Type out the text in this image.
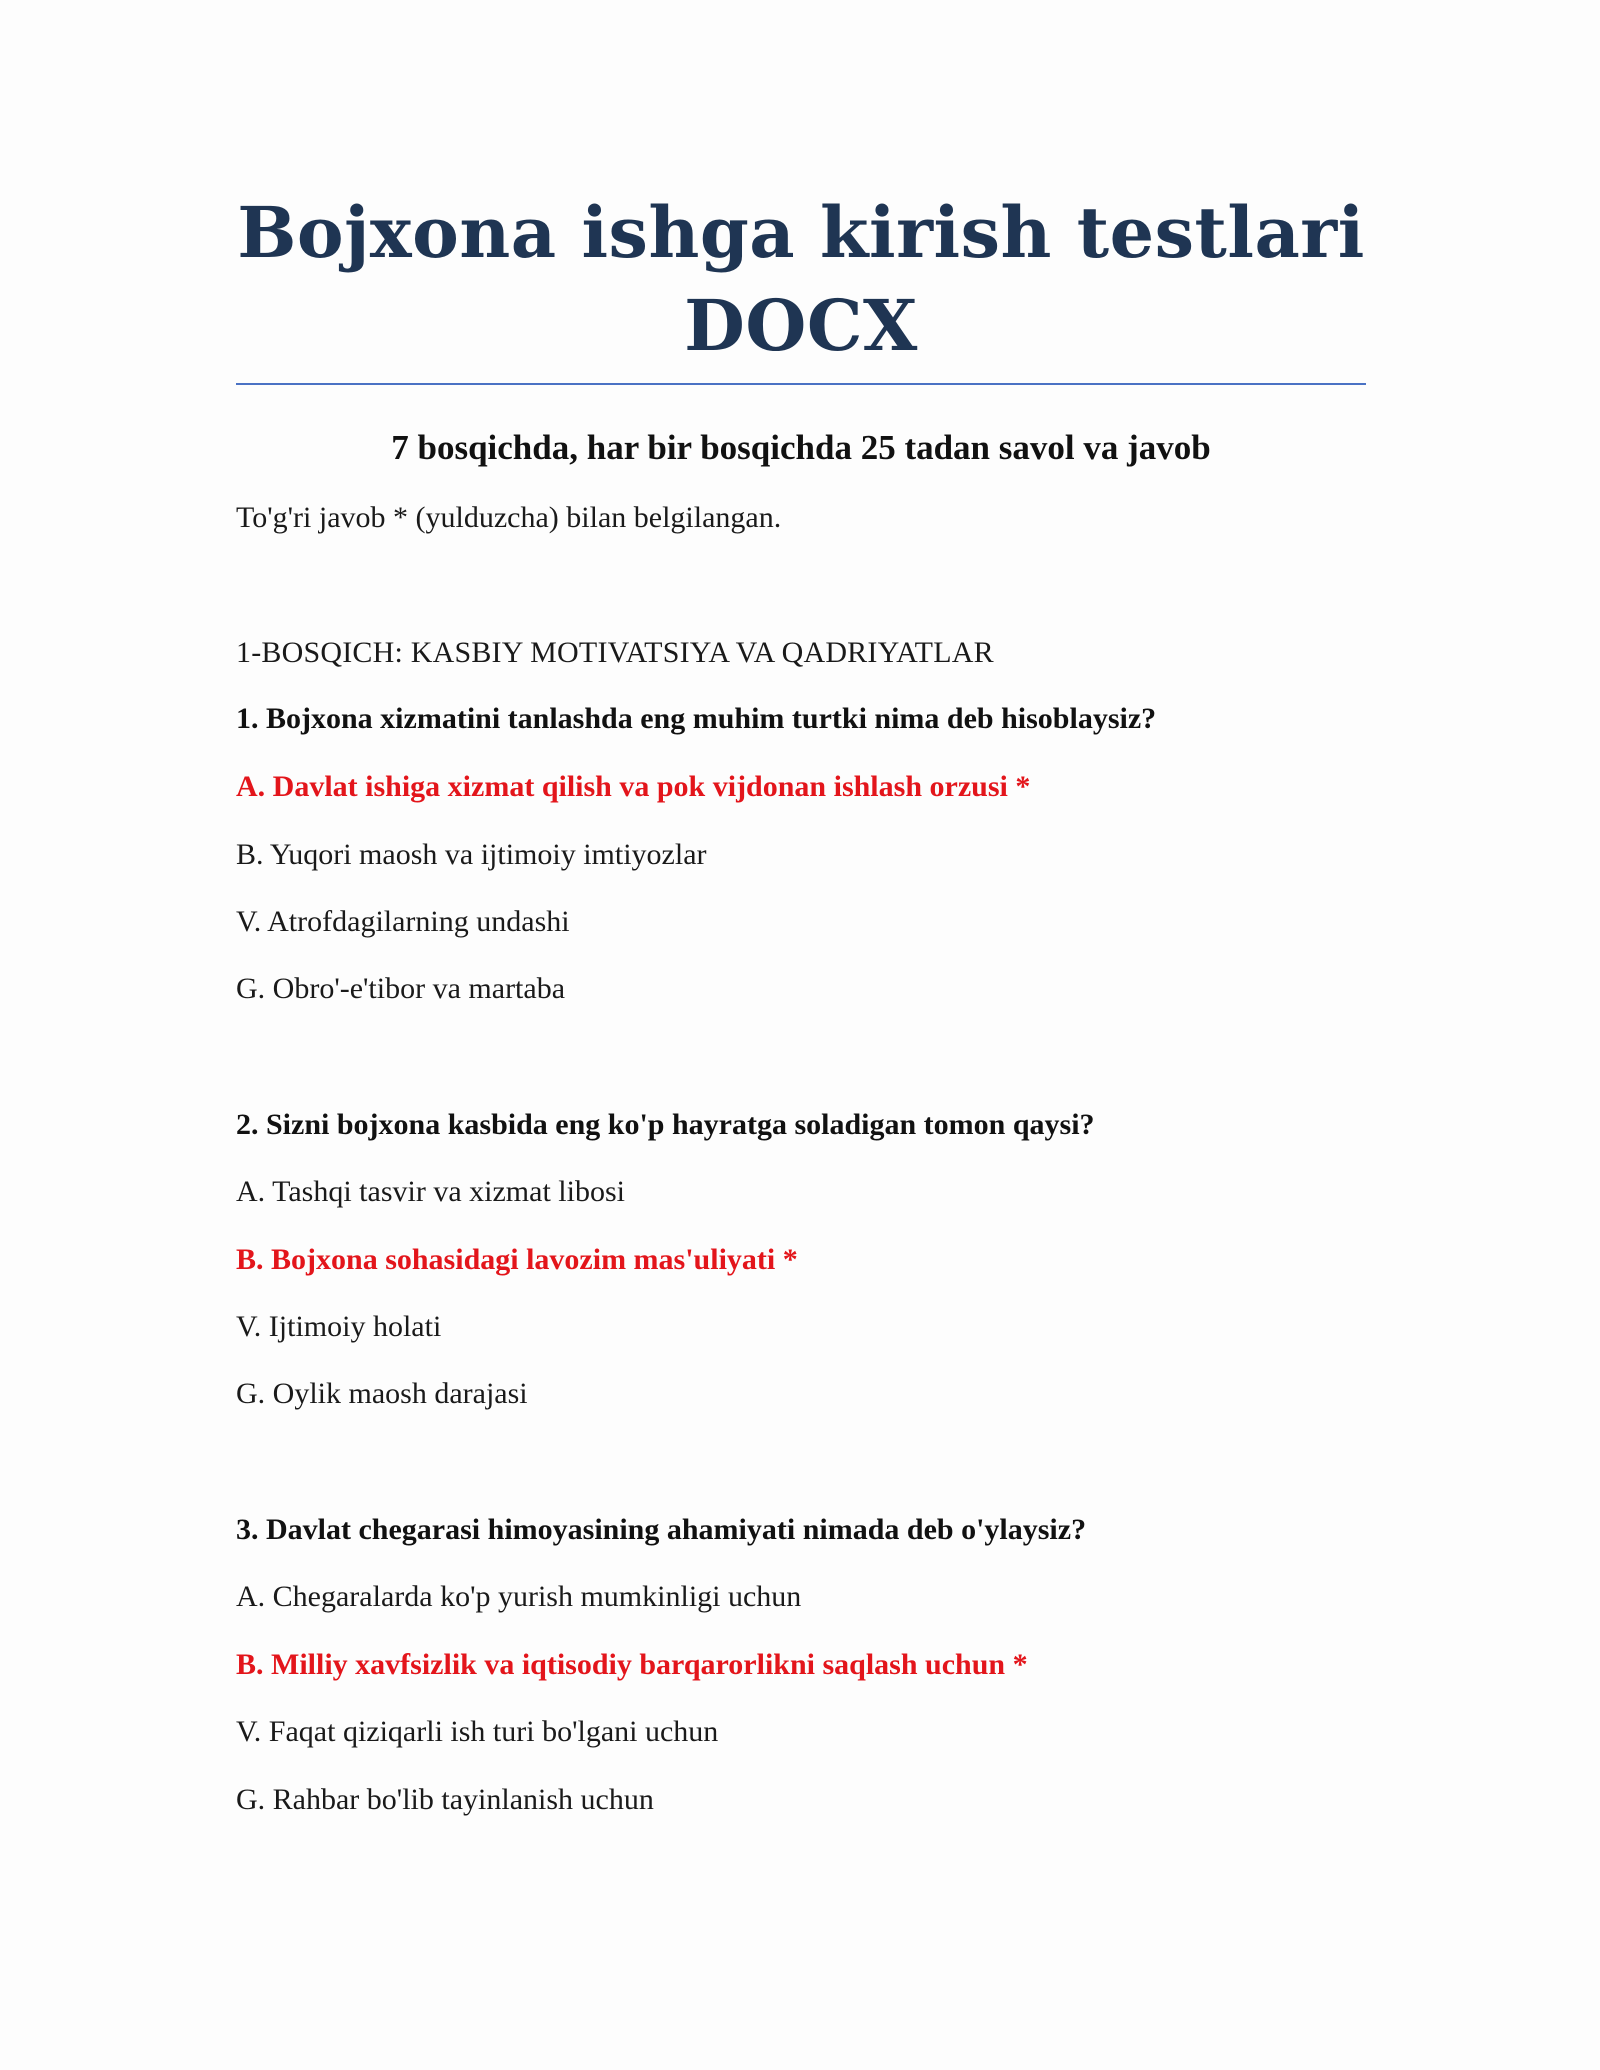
Bojxona ishga kirish testlari
DOCX
7 bosqichda, har bir bosqichda 25 tadan savol va javob
To'g'ri javob * (yulduzcha) bilan belgilangan.
1-BOSQICH: KASBIY MOTIVATSIYA VA QADRIYATLAR
1. Bojxona xizmatini tanlashda eng muhim turtki nima deb hisoblaysiz?
A. Davlat ishiga xizmat qilish va pok vijdonan ishlash orzusi *
B. Yuqori maosh va ijtimoiy imtiyozlar
V. Atrofdagilarning undashi
G. Obro'-e'tibor va martaba
2. Sizni bojxona kasbida eng ko'p hayratga soladigan tomon qaysi?
A. Tashqi tasvir va xizmat libosi
B. Bojxona sohasidagi lavozim mas'uliyati *
V. Ijtimoiy holati
G. Oylik maosh darajasi
3. Davlat chegarasi himoyasining ahamiyati nimada deb o'ylaysiz?
A. Chegaralarda ko'p yurish mumkinligi uchun
B. Milliy xavfsizlik va iqtisodiy barqarorlikni saqlash uchun *
V. Faqat qiziqarli ish turi bo'lgani uchun
G. Rahbar bo'lib tayinlanish uchun
